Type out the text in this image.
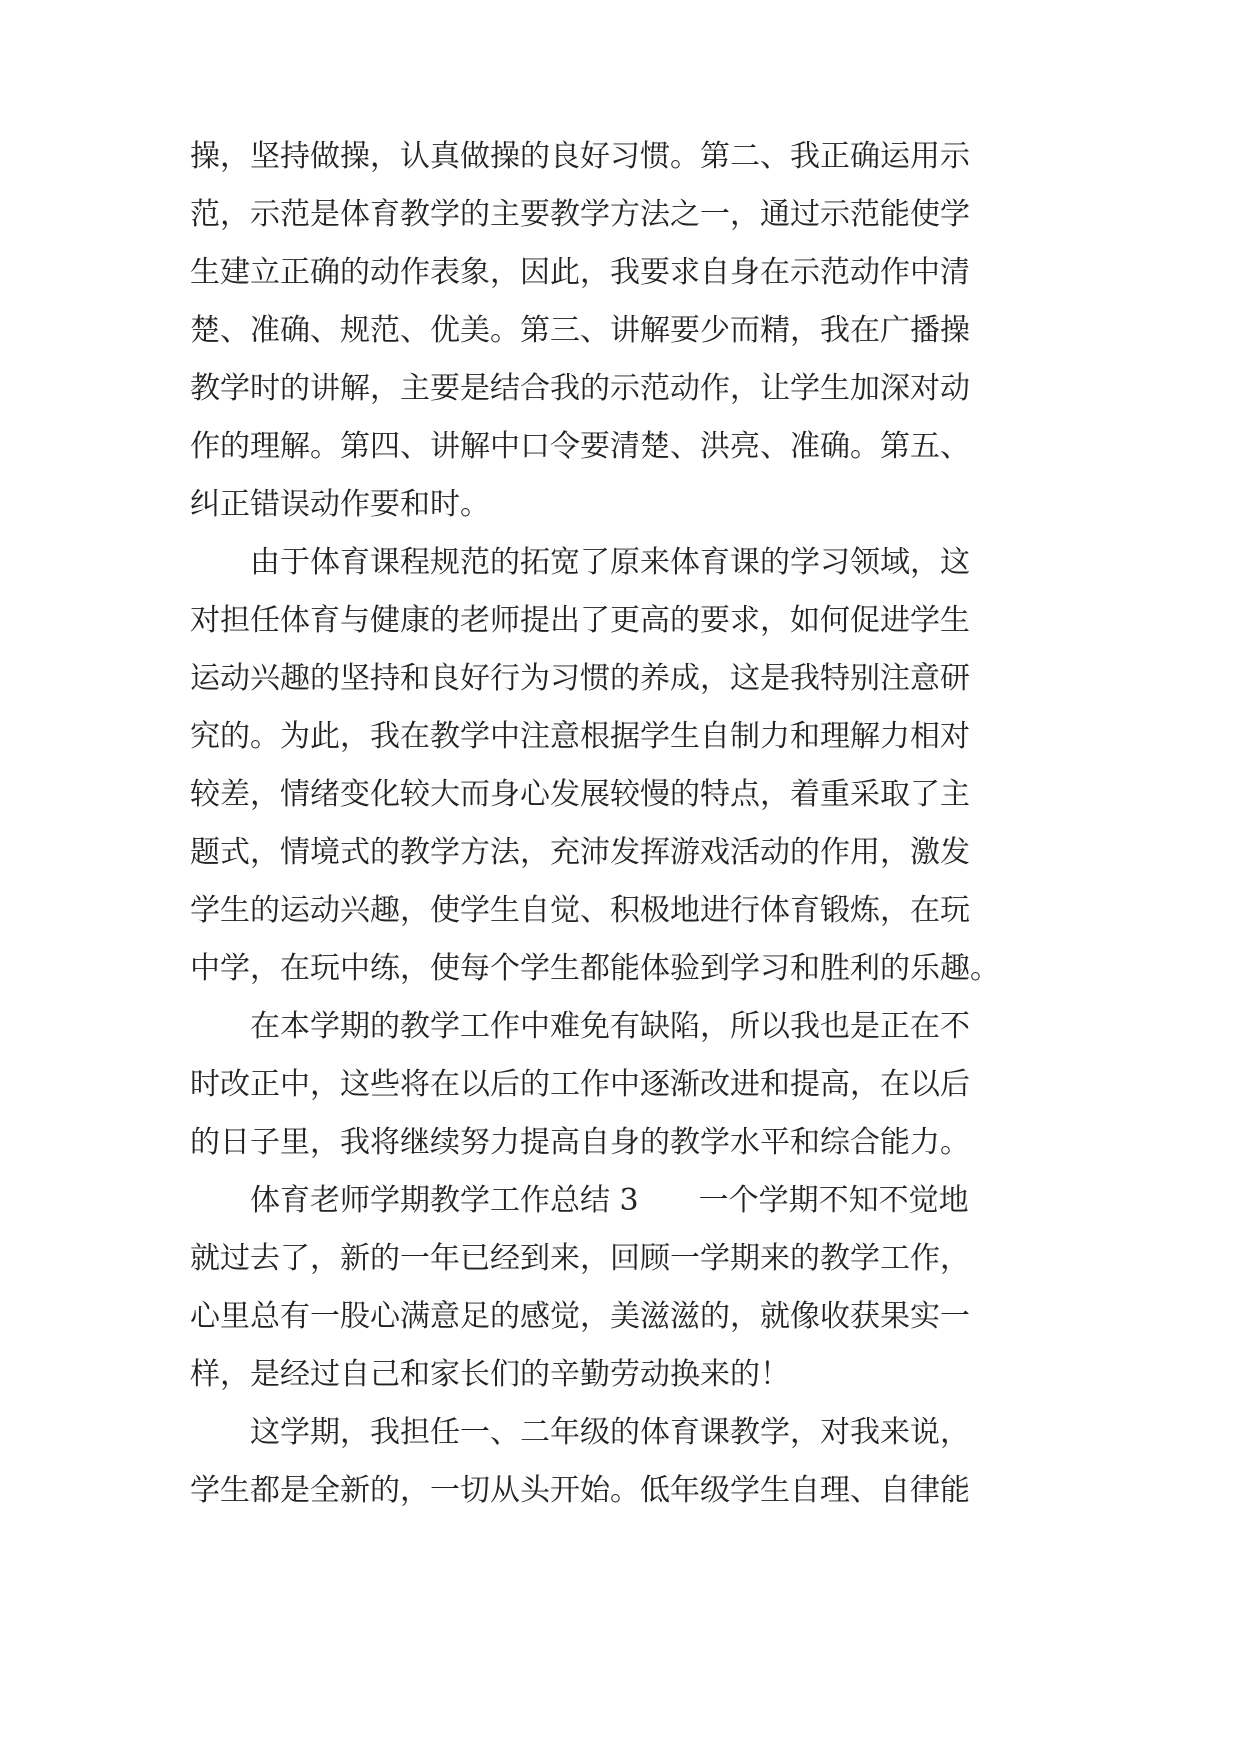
操，坚持做操，认真做操的良好习惯。第二、我正确运用示
范，示范是体育教学的主要教学方法之一，通过示范能使学
生建立正确的动作表象，因此，我要求自身在示范动作中清
楚、准确、规范、优美。第三、讲解要少而精，我在广播操
教学时的讲解，主要是结合我的示范动作，让学生加深对动
作的理解。第四、讲解中口令要清楚、洪亮、准确。第五、
纠正错误动作要和时。
　　由于体育课程规范的拓宽了原来体育课的学习领域，这
对担任体育与健康的老师提出了更高的要求，如何促进学生
运动兴趣的坚持和良好行为习惯的养成，这是我特别注意研
究的。为此，我在教学中注意根据学生自制力和理解力相对
较差，情绪变化较大而身心发展较慢的特点，着重采取了主
题式，情境式的教学方法，充沛发挥游戏活动的作用，激发
学生的运动兴趣，使学生自觉、积极地进行体育锻炼，在玩
中学，在玩中练，使每个学生都能体验到学习和胜利的乐趣。
　　在本学期的教学工作中难免有缺陷，所以我也是正在不
时改正中，这些将在以后的工作中逐渐改进和提高，在以后
的日子里，我将继续努力提高自身的教学水平和综合能力。
　　体育老师学期教学工作总结 3　　一个学期不知不觉地
就过去了，新的一年已经到来，回顾一学期来的教学工作，
心里总有一股心满意足的感觉，美滋滋的，就像收获果实一
样，是经过自己和家长们的辛勤劳动换来的！
　　这学期，我担任一、二年级的体育课教学，对我来说，
学生都是全新的，一切从头开始。低年级学生自理、自律能
